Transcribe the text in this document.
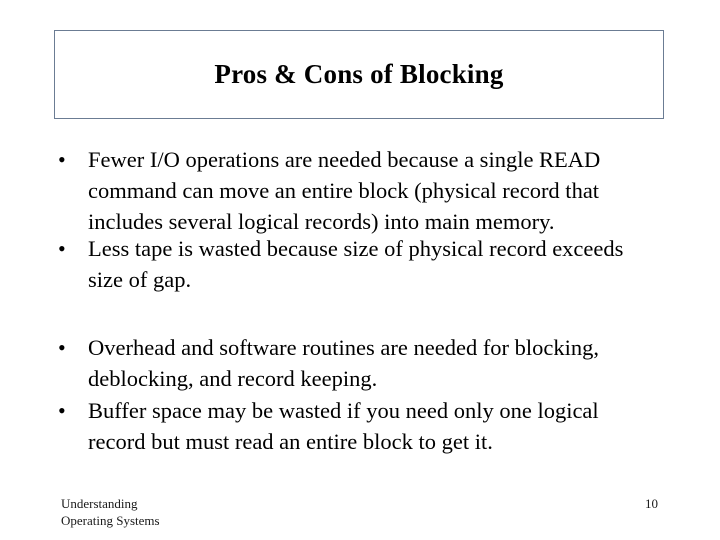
Pros & Cons of Blocking
• Fewer I/O operations are needed because a single READ
command can move an entire block (physical record that
includes several logical records) into main memory.
• Less tape is wasted because size of physical record exceeds
size of gap.
• Overhead and software routines are needed for blocking,
deblocking, and record keeping.
• Buffer space may be wasted if you need only one logical
record but must read an entire block to get it.
Understanding
Operating Systems
10
